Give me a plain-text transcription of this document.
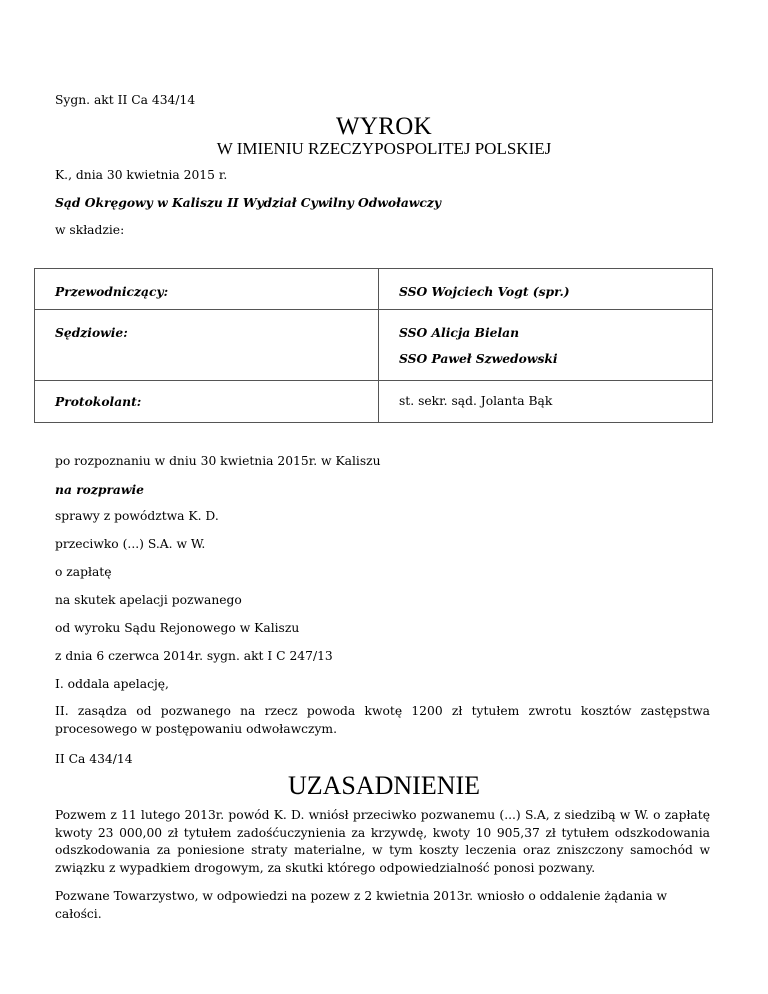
Sygn. akt II Ca 434/14

WYROK

W IMIENIU RZECZYPOSPOLITEJ POLSKIEJ

K., dnia 30 kwietnia 2015 r.

Sąd Okręgowy w Kaliszu II Wydział Cywilny Odwoławczy

w składzie:

Przewodniczący:	SSO Wojciech Vogt (spr.)

Sędziowie:	SSO Alicja Bielan
SSO Paweł Szwedowski

Protokolant:	st. sekr. sąd. Jolanta Bąk

po rozpoznaniu w dniu 30 kwietnia 2015r. w Kaliszu

na rozprawie

sprawy z powództwa K. D.

przeciwko (...) S.A. w W.

o zapłatę

na skutek apelacji pozwanego

od wyroku Sądu Rejonowego w Kaliszu

z dnia 6 czerwca 2014r. sygn. akt I C 247/13

I. oddala apelację,

II. zasądza od pozwanego na rzecz powoda kwotę 1200 zł tytułem zwrotu kosztów zastępstwa procesowego w postępowaniu odwoławczym.

II Ca 434/14

UZASADNIENIE

Pozwem z 11 lutego 2013r. powód K. D. wniósł przeciwko pozwanemu (...) S.A, z siedzibą w W. o zapłatę kwoty 23 000,00 zł tytułem zadośćuczynienia za krzywdę, kwoty 10 905,37 zł tytułem odszkodowania odszkodowania za poniesione straty materialne, w tym koszty leczenia oraz zniszczony samochód w związku z wypadkiem drogowym, za skutki którego odpowiedzialność ponosi pozwany.

Pozwane Towarzystwo, w odpowiedzi na pozew z 2 kwietnia 2013r. wniosło o oddalenie żądania w całości.
